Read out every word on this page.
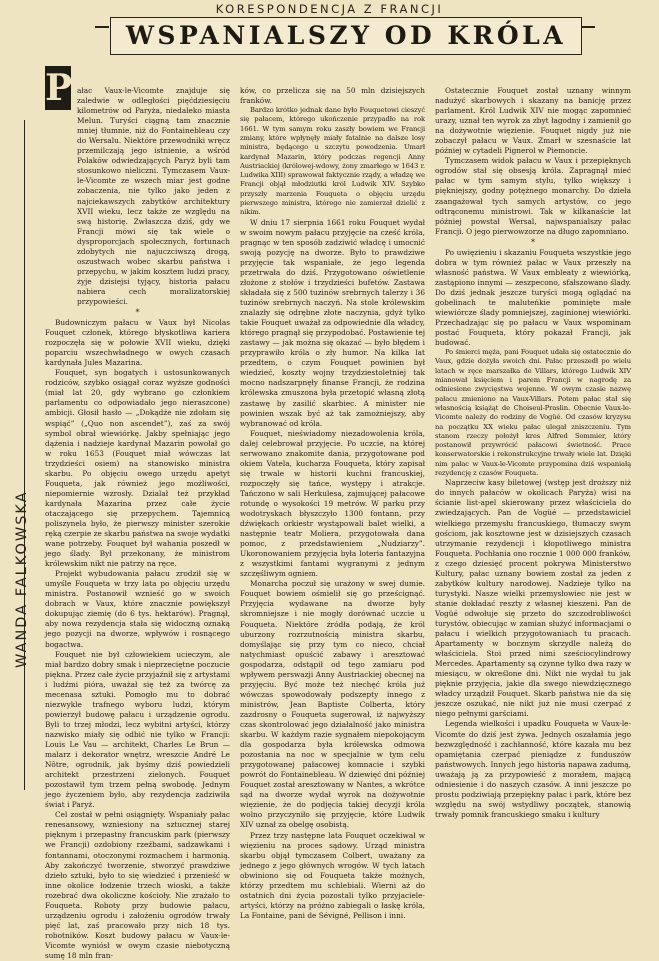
KORESPONDENCJA Z FRANCJI
WSPANIALSZY OD KRÓLA
WANDA FALKOWSKA
P ałac Vaux-le-Vicomte znajduje się zaledwie w odległości pięćdziesięciu kilometrów od Paryża, niedaleko miasta Melun. Turyści ciągną tam znacznie mniej tłumnie, niż do Fontainebleau czy do Wersalu. Niektóre przewodniki wręcz przemilczają jego istnienie, a wśród Polaków odwiedzających Paryż byli tam stosunkowo nieliczni. Tymczasem Vaux-le-Vicomte ze wszech miar jest godne zobaczenia, nie tylko jako jeden z najciekawszych zabytków architektury XVII wieku, lecz także ze względu na swą historię. Zwłaszcza dziś, gdy we Francji mówi się tak wiele o dysproporcjach społecznych, fortunach zdobytych nie najuczciwszą drogą, oszustwach wobec skarbu państwa i przepychu, w jakim kosztem ludzi pracy, żyje dzisiejsi tyjący, historia pałacu nabiera cech moralizatorskiej przypowieści.

*

Budowniczym pałacu w Vaux był Nicolas Fouquet członek, którego błyskotliwa kariera rozpoczęła się w połowie XVII wieku, dzięki poparciu wszechwładnego w owych czasach kardynała Jules Mazarina.

Fouquet, syn bogatych i ustosunkowanych rodziców, szybko osiągał coraz wyższe godności (miał lat 20, gdy wybrano go członkiem parlamentu co odpowiadało jego nieraszcone) ambicji. Głosił hasło — „Dokądże nie zdołam się wspiąć” („Quo non ascendet”), zaś za swój symbol obrał wiewiórkę. Jakby spełniając jego dążenia i nadzieje kardynał Mazarin powołał go w roku 1653 (Fouquet miał wówczas lat trzydzieści osiem) na stanowisko ministra skarbu. Po objęciu owego urzędu apetyt Fouqueta, jak również jego możliwości, niepomiernie wzrosły. Dzialał też przykład kardynała Mazarina przez całe życie otaczającego się przepychem. Tajemnicą poliszynela było, że pierwszy minister szerokie ręką czerpie ze skarbu państwa na swoje wydatki wane potrzeby. Fouquet był wahania poszedł w jego ślady. Był przekonany, że ministrom królewskim nikt nie patrzy na ręce.

Projekt wybudowania pałacu zrodził się w umyśle Fouqueta w trzy lata po objęciu urzędu ministra. Postanowił wznieść go w swoich dobrach w Vaux, które znacznie powiększył dokupując ziemię (do 6 tys. hektarów). Pragnął, aby nowa rezydencja stała się widoczną oznaką jego pozycji na dworze, wpływów i rosnącego bogactwa.

Fouquet nie był człowiekiem ucieczym, ale miał bardzo dobry smak i nieprzeciętne poczucie piękna. Przez całe życie przyjaźnił się z artystami i ludźmi pióra, uważał się też za twórcę za mecenasa sztuki. Pomogło mu to dobrać niezwykle trafnego wyboru ludzi, którym powierzył budowę pałacu i urządzenie ogrodu. Byli to trzej młodzi, lecz wybitni artyści, którzy nazwisko miały się odbić nie tylko w Francji: Louis Le Vau — architekt, Charles Le Brun — malarz i dekorator wnętrz, wreszcie André Le Nôtre, ogrodnik, jak byśmy dziś powiedzieli architekt przestrzeni zielonych. Fouquet pozostawił tym trzem pełną swobodę. Jednym jego życzeniem było, aby rezydencja zadziwiła świat i Paryż.

Cel został w pełni osiągnięty. Wspaniały pałac renesansowy, wzniesiony na sztucznej starej pięknym i przepastny francuskim park (pierwszy we Francji) ozdobiony rzeźbami, sadzawkami i fontannami, otoczonymi rozmachem i harmonią. Aby zakończyć tworzenie, stworzyć prawdziwe dzieło sztuki, było to się wiedzieć i przenieść w inne okolice łodzenie trzech wioski, a także rozebrać dwa okoliczne kościoły. Nie zrażało to Fouqueta. Roboty przy budowie pałacu, urządzeniu ogrodu i założeniu ogrodów trwały pięć lat, zaś pracowało przy nich 18 tys. robotników. Koszt budowy pałacu w Vaux-le-Vicomte wyniósł w owym czasie niebotyczną sumę 18 mln fran-

ków, co przelicza się na 50 mln dzisiejszych franków.

Bardzo krótko jednak dane było Fouquetowi cieszyć się pałacem, którego ukończenie przypadło na rok 1661. W tym samym roku zaszły bowiem we Francji zmiany, które wpłynęły miały fatalnie na dalsze losy ministra, będącego u szczytu powodzenia. Umarł kardynał Mazarin, który podczas regencji Anny Austriackiej (królowej-wdowy, żony zmarłego w 1643 r. Ludwika XIII) sprawował faktycznie rządy, a władzę we Francji objął młodziutki król Ludwik XIV. Szybko przyszły marzenia Fouqueta o objęciu urzędu pierwszego ministra, którego nie zamierzał dzielić z nikim.

W dniu 17 sierpnia 1661 roku Fouquet wydał w swoim nowym pałacu przyjęcie na cześć króla, pragnąc w ten sposób zadziwić władcę i umocnić swoją pozycję na dworze. Było to prawdziwe przyjęcie tak wspaniałe, że jego legenda przetrwała do dziś. Przygotowano oświetlenie złożone z stołów i trzydzieści bufetów. Zastawa składała się z 500 tuzinów srebrnych talerzy i 36 tuzinów srebrnych naczyń. Na stole królewskim znalazły się odrębne złote naczynia, gdyż tylko takie Fouquet uważał za odpowiednie dla władcy, którego pragnął się przypodobać. Postawienie tej zastawy — jak można się okazać — było błędem i przyprawiło króla o zły humor. Na kilka lat przedtem, o czym Fouquet powinien był wiedzieć, koszty wojny trzydziestoletniej tak mocno nadszarpnęły finanse Francji, że rodzina królewska zmuszona była przetopić własną złotą zastawę by zasilić skarbiec. A minister nie powinien wszak być aż tak zamożniejszy, aby wybranować od króla.

Fouquet, nieświadomy niezadowolenia króla, dalej celebrował przyjęcie. Po uczcie, na której serwowano znakomite dania, przygotowane pod okiem Vatela, kucharza Fouqueta, który zapisał się trwale w historii kuchni francuskiej, rozpoczęły się tańce, występy i atrakcje. Tańczono w sali Herkulesa, zajmującej pałacowe rotundę o wysokości 19 metrów. W parku przy wodotryskach błyszczyło 1300 fontann, przy dźwiękach orkiestr wystąpowali balet wielki, a następnie teatr Moliera, przygotowała dana pomoc, z przedstawieniem „Nudziarzy”. Ukoronowaniem przyjęcia była loteria fantazyjna z wszystkimi fantami wygranymi z jednym szczęśliwym ogniem.

Monarcha poczuł się urażony w swej dumie. Fouquet bowiem ośmielił się go prześcignąć. Przyjęcia wydawane na dworze były skromniejsze i nie mogły dorównać uczcie u Fouqueta. Niektóre źródła podają, że król uburzony rozrzutnością ministra skarbu, domyślając się przy tym co nieco, chciał natychmiast opuścić zabawy i aresztować gospodarza, odstąpił od tego zamiaru pod wpływem perswazji Anny Austriackiej obecnej na przyjęciu. Być może też niechęć króla już wówczas spowodowały podszepty innego z ministrów, Jean Baptiste Colberta, który zazdrosny o Fouqueta sugerował, iż najwyższy czas skontrolować jego działalność jako ministra skarbu. W każdym razie sygnałem niepokojącym dla gospodarza była królewska odmowa pozostania na noc w specjalnie w tym celu przygotowanej pałacowej komnacie i szybki powrót do Fontainebleau. W dziewięć dni później Fouquet został aresztowany w Nantes, a wkrótce sąd na dworze wydał wyrok na dożywotnie więzienie, że do podjęcia takiej decyzji króla wolno przyczyniło się przyjęcie, które Ludwik XIV uznał za obelgę osobistą.

Przez trzy następne lata Fouquet oczekiwał w więzieniu na proces sądowy. Urząd ministra skarbu objął tymczasem Colbert, uważany za jednego z jego głównych wrogów. W tych latach obwiniono się od Fouqueta także możnych, którzy przedtem mu schlebiali. Wierni aż do ostatnich dni życia pozostali tylko przyjaciele-artyści, którzy na próżno zabiegali o łaskę króla, La Fontaine, pani de Sévigné, Pellison i inni.

Ostatecznie Fouquet został uznany winnym nadużyć skarbowych i skazany na banicję przez parlament. Król Ludwik XIV nie mogąc zapomnieć urazy, uznał ten wyrok za zbyt łagodny i zamienił go na dożywotnie więzienie. Fouquet nigdy już nie zobaczył pałacu w Vaux. Zmarł w szesnaście lat później w cytadeli Pignerol w Piemoncie.

Tymczasem widok pałacu w Vaux i przepięknych ogrodów stał się obsesją króla. Zapragnął mieć pałac w tym samym stylu, tylko większy i piękniejszy, godny potężnego monarchy. Do dzieła zaangażował tych samych artystów, co jego odtrąconemu ministrowi. Tak w kilkanaście lat później powstał Wersal, najwspanialszy pałac Francji. O jego pierwowzorze na długo zapomniano.

*

Po uwięzieniu i skazaniu Fouqueta wszystkie jego dobra w tym również pałac w Vaux przeszły na własność państwa. W Vaux embleaty z wiewiórką, zastąpiono innymi — zeszpecono, sfałszowano ślady. Do dziś jednak jeszcze turyści mogą oglądać na gobelinach te maluteńkie pominięte małe wiewiórcze ślady pomniejszej, zaginionej wiewiórki. Przechadzając się po pałacu w Vaux wspominam postać Fouqueta, który pokazał Francji, jak budować.

Po śmierci męża, pani Fouquet udała się ostatecznie do Vaux, gdzie dożyła swoich dni. Pałac przeszedł po wielu latach w ręce marszałka de Villars, którego Ludwik XIV mianował księciem i parem Francji w nagrodę za odniesione zwycięstwa wojenne. W owym czasie nazwę pałacu zmieniono na Vaux-Villars. Potem pałac stał się własnością książąt de Choiseul-Praslin. Obecnie Vaux-le-Vicomte należy do rodziny de Vogüé. Od czasów kryzysu na początku XX wieku pałac ulegał zniszczeniu. Tym stanom rzeczy położył kres Alfred Sommier, który postanowił przywrócić pałacowi świetność. Prace konserwatorskie i rekonstrukcyjne trwały wiele lat. Dzięki nim pałac w Vaux-le-Vicomte przypomina dziś wspaniałą rezydencję z czasów Fouqueta.

Naprzeciw kasy biletowej (wstęp jest droższy niż do innych pałaców w okolicach Paryża) wisi na ścianie list-apel skierowany przez właściciela do zwiedzających. Pan de Vogüé — przedstawiciel wielkiego przemysłu francuskiego, tłumaczy swym gościom, jak kosztowne jest w dzisiejszych czasach utrzymanie rezydencji i kłopotliwego ministra Fouqueta. Pochłania ono rocznie 1 000 000 franków, z czego dziesięć procent pokrywa Ministerstwo Kultury, pałac uznany bowiem został za jeden z zabytków kultury narodowej. Nadzieje tylko na turystyki. Nasze wielki przemysłowiec nie jest w stanie dokładać reszty z własnej kieszeni. Pan de Vogüé odwołuje się przeto do szczodrobliwości turystów, obiecując w zamian służyć informacjami o pałacu i wielkich przygotowaniach tu pracach. Apartamenty w bocznym skrzydle należą do właściciela. Stoi przed nimi sześciocylindrowy Mercedes. Apartamenty są czynne tylko dwa razy w miesiącu, w określone dni. Nikt nie wydał tu jak pięknie przyjęcia, jakie dla swego niewdzięcznego władcy urządził Fouquet. Skarb państwa nie da się jeszcze oszukać, nie nikt już nie musi czerpać z niego pełnymi garściami.

Legenda wielkości i upadku Fouqueta w Vaux-le-Vicomte do dziś jest żywa. Jednych oszałamia jego bezwzględność i zachłanność, które kazała mu bez opamiętania czerpać pieniądze z funduszów państwowych. Innych jego historia napawa zadumą, uważają ją za przypowieść z morałem, mającą odniesienie i do naszych czasów. A inni jeszcze po prostu podziwiają przepiękny pałac i park, które bez względu na swój wstydliwy początek, stanowią trwały pomnik francuskiego smaku i kultury
